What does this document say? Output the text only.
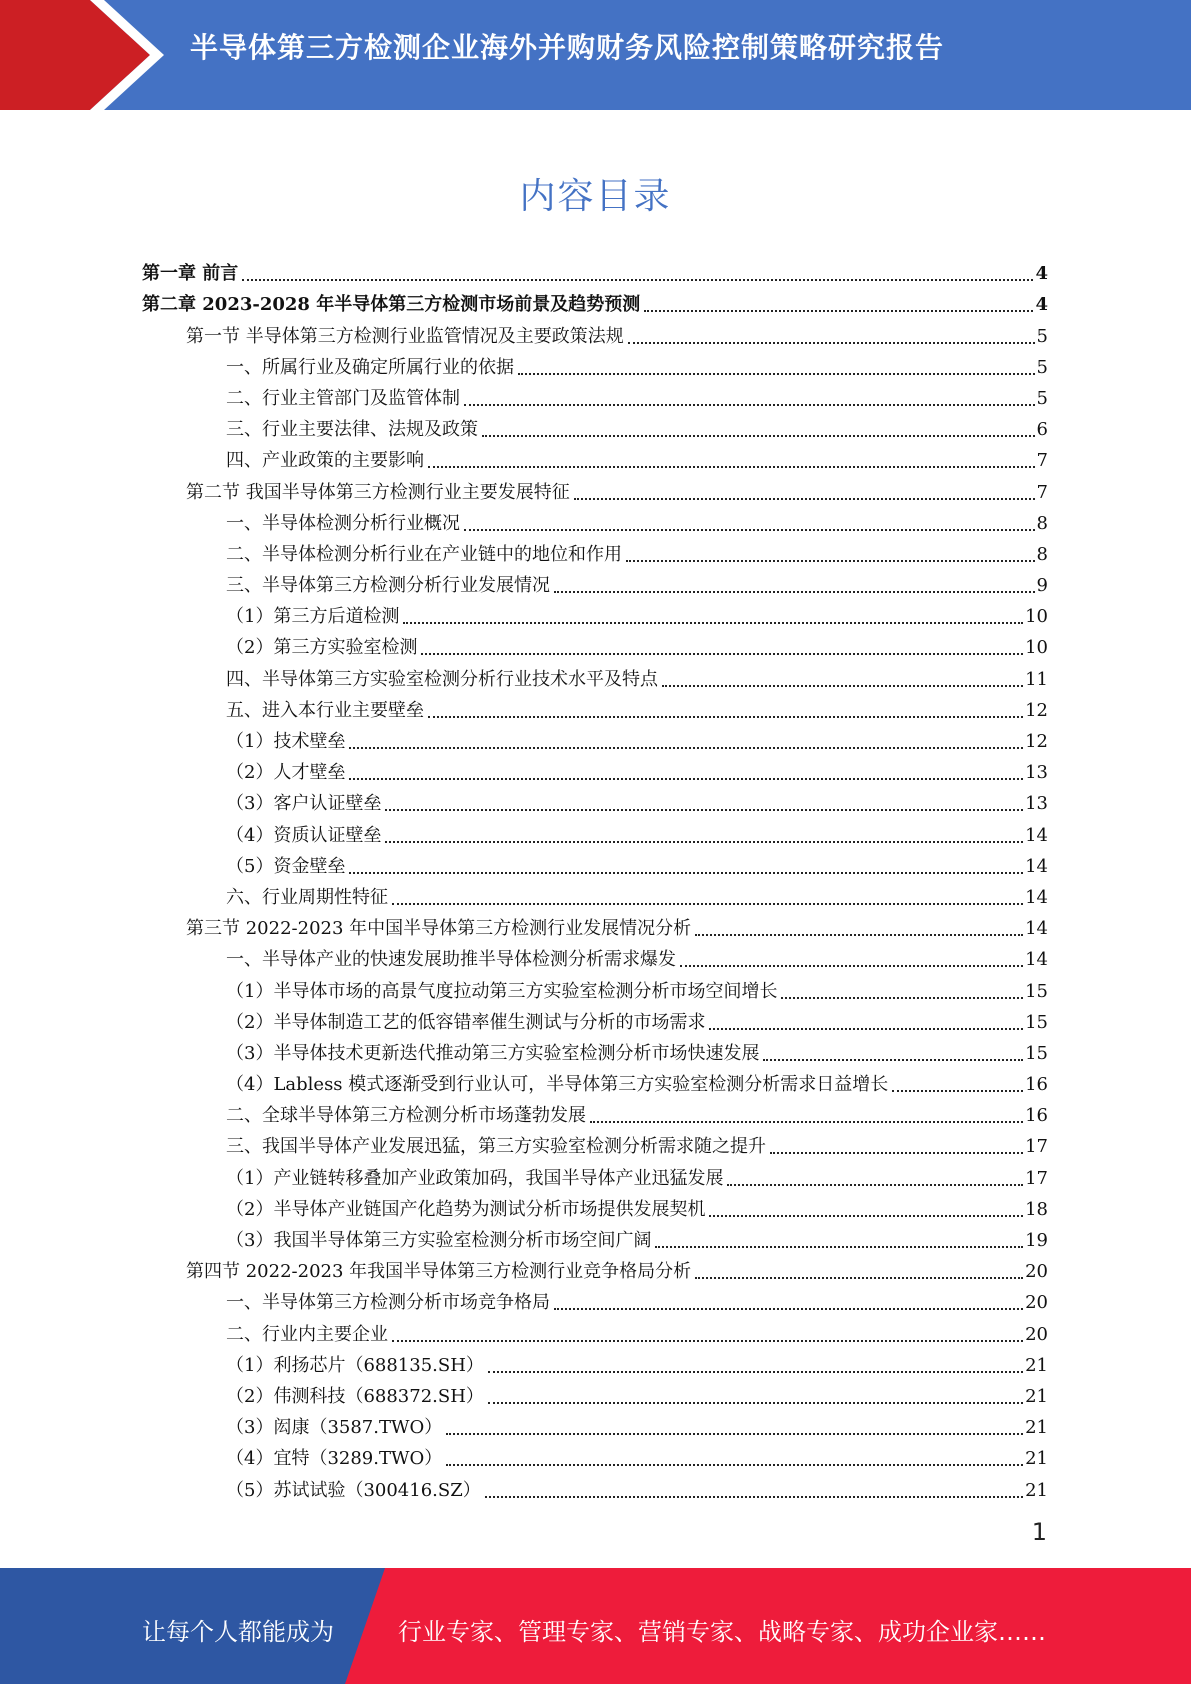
半导体第三方检测企业海外并购财务风险控制策略研究报告
内容目录
第一章 前言	4
第二章 2023-2028 年半导体第三方检测市场前景及趋势预测	4
第一节 半导体第三方检测行业监管情况及主要政策法规	5
一、所属行业及确定所属行业的依据	5
二、行业主管部门及监管体制	5
三、行业主要法律、法规及政策	6
四、产业政策的主要影响	7
第二节 我国半导体第三方检测行业主要发展特征	7
一、半导体检测分析行业概况	8
二、半导体检测分析行业在产业链中的地位和作用	8
三、半导体第三方检测分析行业发展情况	9
（1）第三方后道检测	10
（2）第三方实验室检测	10
四、半导体第三方实验室检测分析行业技术水平及特点	11
五、进入本行业主要壁垒	12
（1）技术壁垒	12
（2）人才壁垒	13
（3）客户认证壁垒	13
（4）资质认证壁垒	14
（5）资金壁垒	14
六、行业周期性特征	14
第三节 2022-2023 年中国半导体第三方检测行业发展情况分析	14
一、半导体产业的快速发展助推半导体检测分析需求爆发	14
（1）半导体市场的高景气度拉动第三方实验室检测分析市场空间增长	15
（2）半导体制造工艺的低容错率催生测试与分析的市场需求	15
（3）半导体技术更新迭代推动第三方实验室检测分析市场快速发展	15
（4）Labless 模式逐渐受到行业认可，半导体第三方实验室检测分析需求日益增长	16
二、全球半导体第三方检测分析市场蓬勃发展	16
三、我国半导体产业发展迅猛，第三方实验室检测分析需求随之提升	17
（1）产业链转移叠加产业政策加码，我国半导体产业迅猛发展	17
（2）半导体产业链国产化趋势为测试分析市场提供发展契机	18
（3）我国半导体第三方实验室检测分析市场空间广阔	19
第四节 2022-2023 年我国半导体第三方检测行业竞争格局分析	20
一、半导体第三方检测分析市场竞争格局	20
二、行业内主要企业	20
（1）利扬芯片（688135.SH）	21
（2）伟测科技（688372.SH）	21
（3）闳康（3587.TWO）	21
（4）宜特（3289.TWO）	21
（5）苏试试验（300416.SZ）	21
1
让每个人都能成为	行业专家、管理专家、营销专家、战略专家、成功企业家……
